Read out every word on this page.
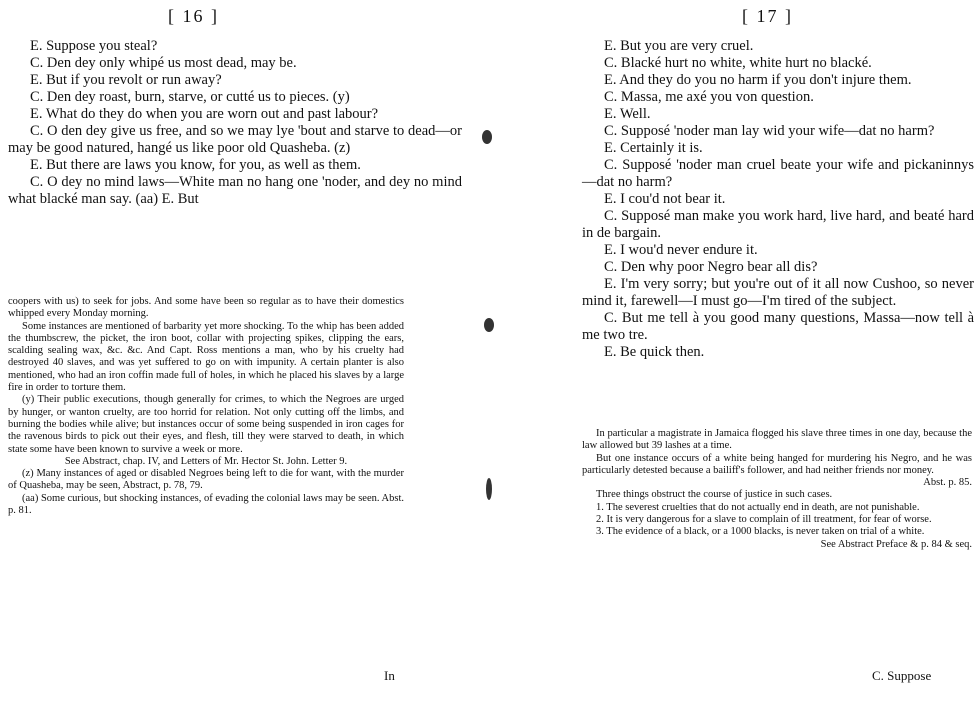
[ 16 ]

E. Suppose you steal?

C. Den dey only whipé us most dead, may be.

E. But if you revolt or run away?

C. Den dey roast, burn, starve, or cutté us to pieces. (y)

E. What do they do when you are worn out and past labour?

C. O den dey give us free, and so we may lye 'bout and starve to dead—or may be good natured, hangé us like poor old Quasheba. (z)

E. But there are laws you know, for you, as well as them.

C. O dey no mind laws—White man no hang one 'noder, and dey no mind what blacké man say. (aa) E. But

coopers with us) to seek for jobs. And some have been so regular as to have their domestics whipped every Monday morning.

Some instances are mentioned of barbarity yet more shocking. To the whip has been added the thumbscrew, the picket, the iron boot, collar with projecting spikes, clipping the ears, scalding sealing wax, &c. &c. And Capt. Ross mentions a man, who by his cruelty had destroyed 40 slaves, and was yet suffered to go on with impunity. A certain planter is also mentioned, who had an iron coffin made full of holes, in which he placed his slaves by a large fire in order to torture them.

(y) Their public executions, though generally for crimes, to which the Negroes are urged by hunger, or wanton cruelty, are too horrid for relation. Not only cutting off the limbs, and burning the bodies while alive; but instances occur of some being suspended in iron cages for the ravenous birds to pick out their eyes, and flesh, till they were starved to death, in which state some have been known to survive a week or more.

See Abstract, chap. IV, and Letters of Mr. Hector St. John. Letter 9.

(z) Many instances of aged or disabled Negroes being left to die for want, with the murder of Quasheba, may be seen, Abstract, p. 78, 79.

(aa) Some curious, but shocking instances, of evading the colonial laws may be seen. Abst. p. 81.

In
[ 17 ]

E. But you are very cruel.

C. Blacké hurt no white, white hurt no blacké.

E. And they do you no harm if you don't injure them.

C. Massa, me axé you von question.

E. Well.

C. Supposé 'noder man lay wid your wife—dat no harm?

E. Certainly it is.

C. Supposé 'noder man cruel beate your wife and pickaninnys—dat no harm?

E. I cou'd not bear it.

C. Supposé man make you work hard, live hard, and beaté hard in de bargain.

E. I wou'd never endure it.

C. Den why poor Negro bear all dis?

E. I'm very sorry; but you're out of it all now Cushoo, so never mind it, farewell—I must go—I'm tired of the subject.

C. But me tell à you good many questions, Massa—now tell à me two tre.

E. Be quick then.

In particular a magistrate in Jamaica flogged his slave three times in one day, because the law allowed but 39 lashes at a time.

But one instance occurs of a white being hanged for murdering his Negro, and he was particularly detested because a bailiff's follower, and had neither friends nor money.

Abst. p. 85.

Three things obstruct the course of justice in such cases.

1. The severest cruelties that do not actually end in death, are not punishable.

2. It is very dangerous for a slave to complain of ill treatment, for fear of worse.

3. The evidence of a black, or a 1000 blacks, is never taken on trial of a white.

See Abstract Preface & p. 84 & seq.

C. Suppose
